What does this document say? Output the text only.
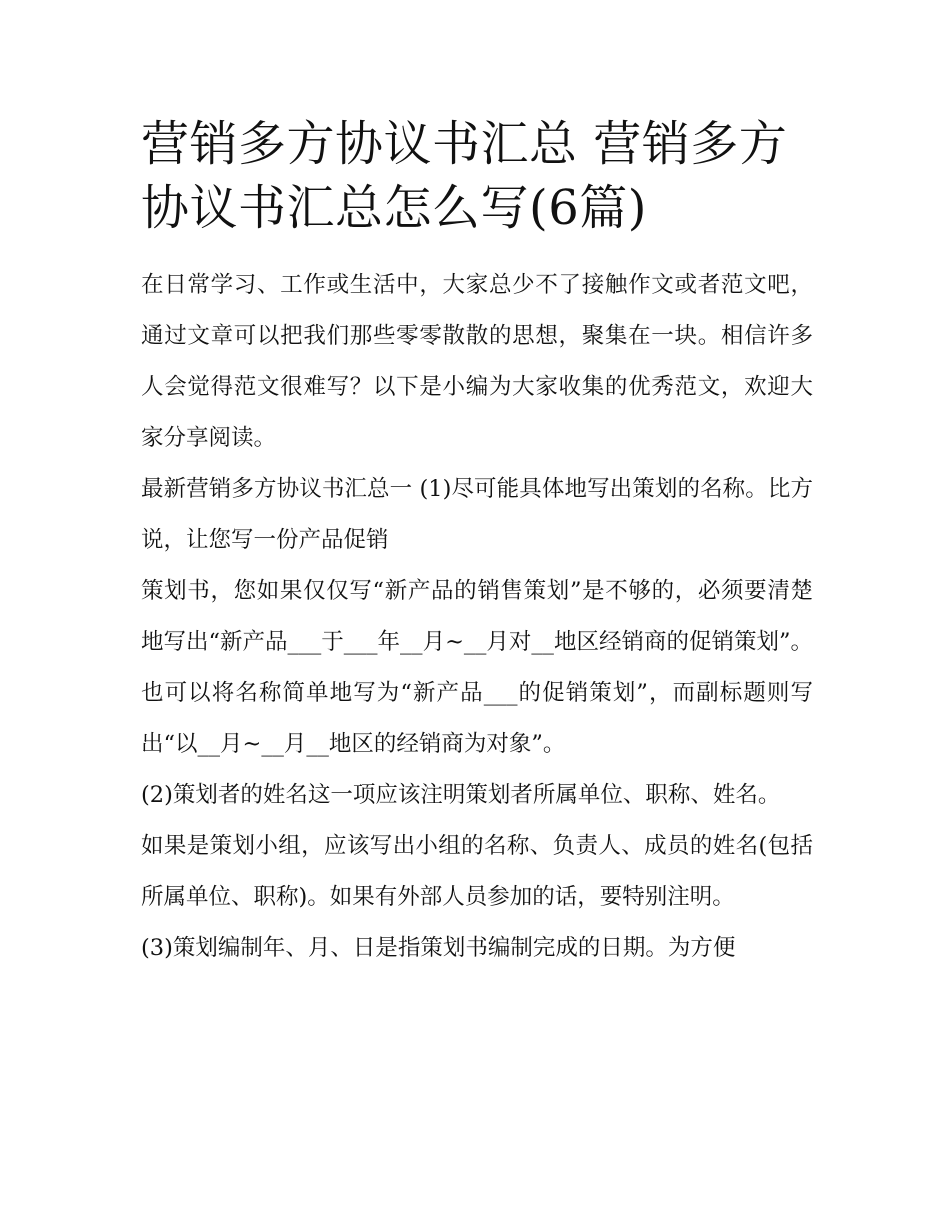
营销多方协议书汇总 营销多方协议书汇总怎么写(6篇)

在日常学习、工作或生活中，大家总少不了接触作文或者范文吧，通过文章可以把我们那些零零散散的思想，聚集在一块。相信许多人会觉得范文很难写？以下是小编为大家收集的优秀范文，欢迎大家分享阅读。

最新营销多方协议书汇总一 (1)尽可能具体地写出策划的名称。比方说，让您写一份产品促销

策划书，您如果仅仅写“新产品的销售策划”是不够的，必须要清楚地写出“新产品___于___年__月~__月对__地区经销商的促销策划”。也可以将名称简单地写为“新产品___的促销策划”，而副标题则写出“以__月~__月__地区的经销商为对象”。

(2)策划者的姓名这一项应该注明策划者所属单位、职称、姓名。

如果是策划小组，应该写出小组的名称、负责人、成员的姓名(包括所属单位、职称)。如果有外部人员参加的话，要特别注明。

(3)策划编制年、月、日是指策划书编制完成的日期。为方便
